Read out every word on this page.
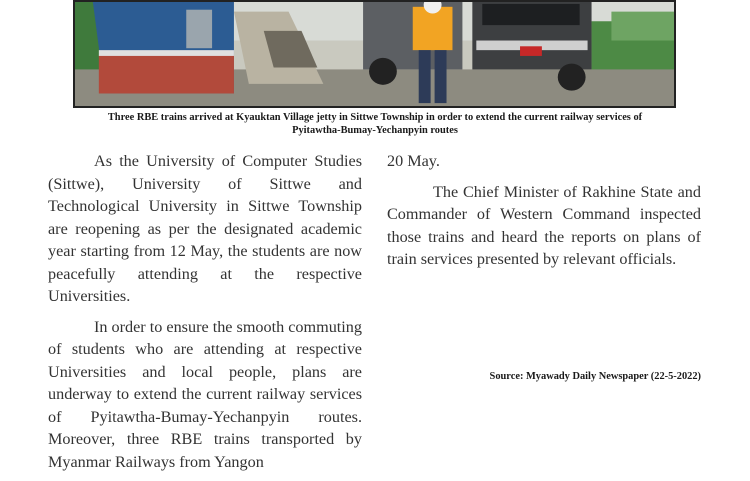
Three RBE trains arrived at Kyauktan Village jetty in Sittwe Township in order to extend the current railway services of
Pyitawtha-Bumay-Yechanpyin routes

As the University of Computer Studies (Sittwe), University of Sittwe and Technological University in Sittwe Township are reopening as per the designated academic year starting from 12 May, the students are now peacefully attending at the respective Universities.

In order to ensure the smooth commuting of students who are attending at respective Universities and local people, plans are underway to extend the current railway services of Pyitawtha-Bumay-Yechanpyin routes. Moreover, three RBE trains transported by Myanmar Railways from Yangon

20 May.

The Chief Minister of Rakhine State and Commander of Western Command inspected those trains and heard the reports on plans of train services presented by relevant officials.

Source: Myawady Daily Newspaper (22-5-2022)
